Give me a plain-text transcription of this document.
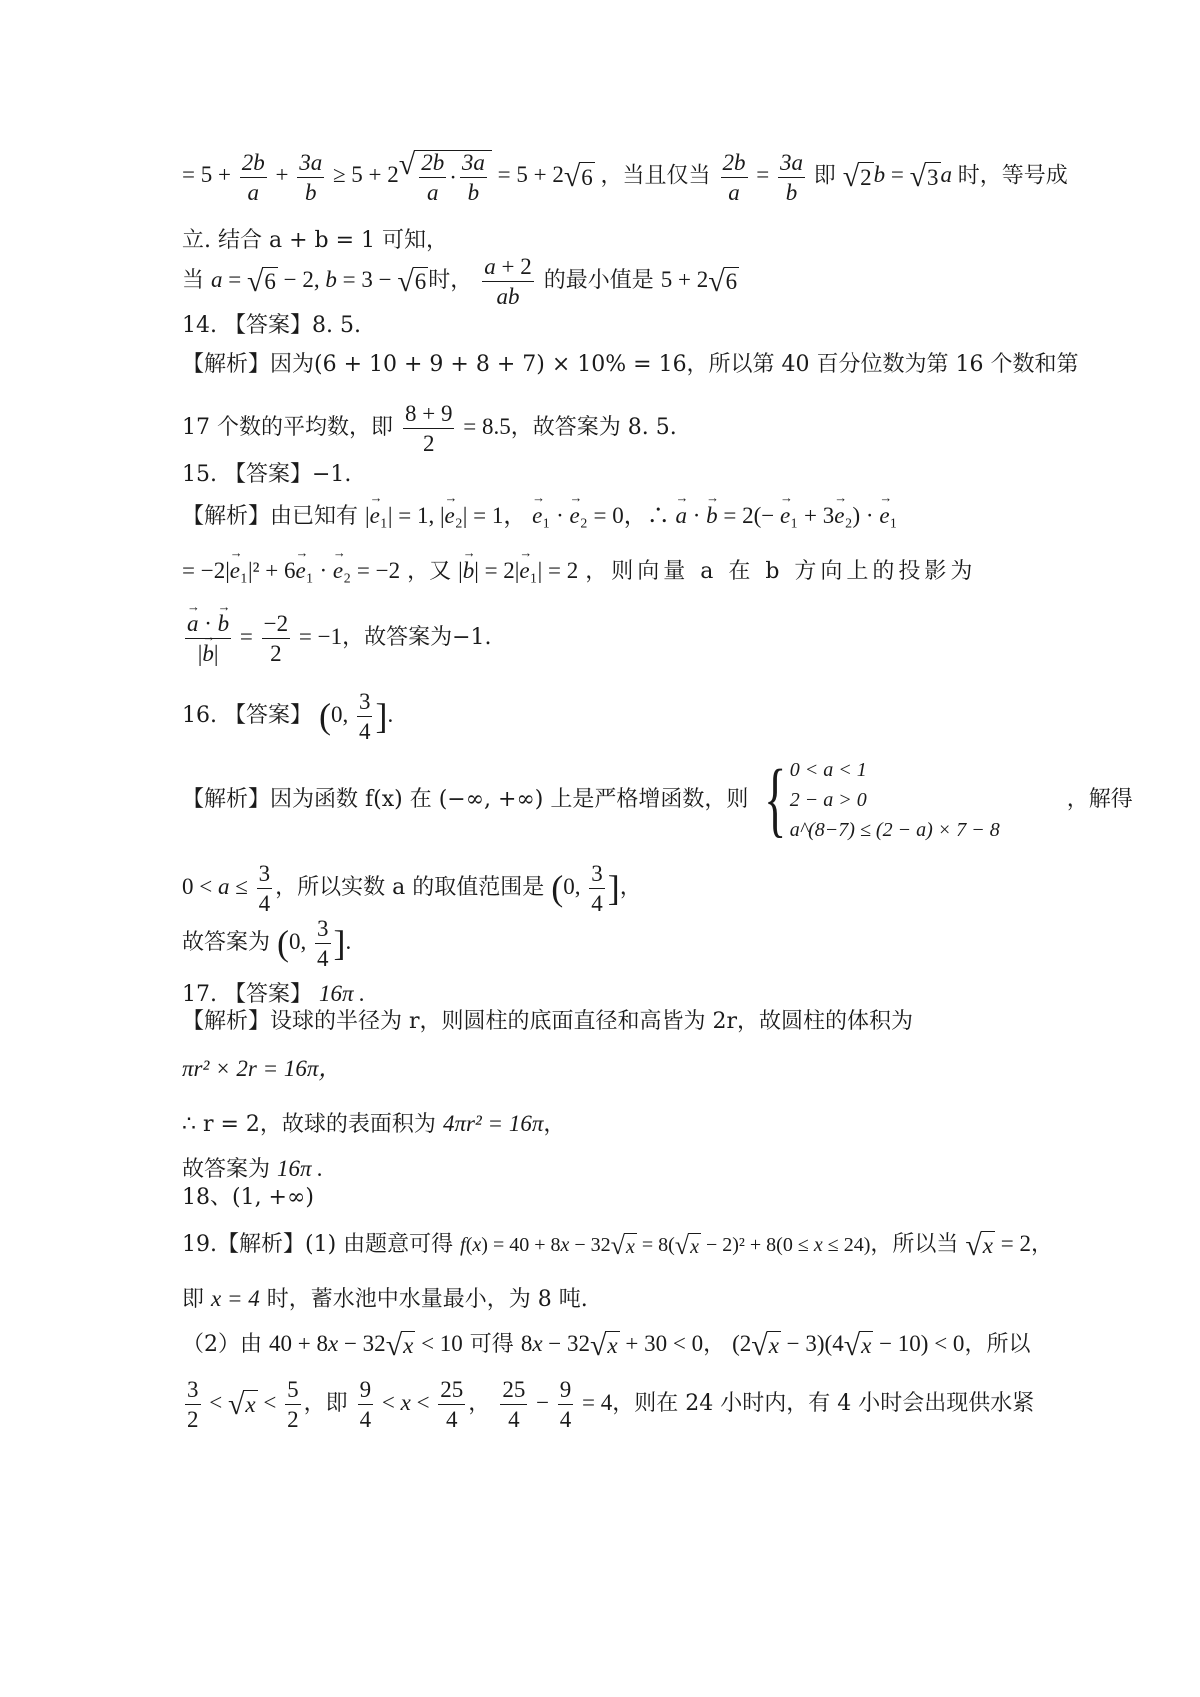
= $5 + \frac{2b}{a} + \frac{3a}{b} \ge 5 + 2$ √ $\frac{2b}{a} \cdot \frac{3a}{b} = 5 + 2$ √ 6 ，当且仅当 $\frac{2b}{a} = \frac{3a}{b}$ 即 √ 2 b = √ 3 a 时，等号成
立. 结合 a + b = 1 可知，
当 a = √ 6 − 2, b = 3 − √ 6 时， $\frac{a + 2}{ab}$ 的最小值是 5 + 2 √ 6
14. 【答案】8. 5.
【解析】因为(6 + 10 + 9 + 8 + 7) × 10% = 16，所以第 40 百分位数为第 16 个数和第
17 个数的平均数，即 $\frac{8 + 9}{2} = 8.5$，故答案为 8. 5.
15. 【答案】−1.
【解析】由已知有 |→ e₁| = 1, |→ e₂| = 1， → e₁ · → e₂ = 0，∴ → a · → b = 2(− → e₁ + 3→ e₂) · → e₁
= −2|→ e₁|² + 6→ e₁ · → e₂ = −2 ，又 |→ b| = 2|→ e₁| = 2 ，则向量 a 在 b 方向上的投影为
→ $\frac{a \cdot \to b}{|\to b|} = \frac{-2}{2} = -1$，故答案为−1.
16. 【答案】 (0, $\frac{3}{4}$ ].
【解析】因为函数 f(x) 在 (−∞, +∞) 上是严格增函数，则 { 0 < a < 1
2 − a > 0
a^(8−7) ≤ (2 − a) × 7 − 8
，解得
$0 < a \le \frac{3}{4}$ ，所以实数 a 的取值范围是 (0, $\frac{3}{4}$ ]，
故答案为 (0, $\frac{3}{4}$ ].
17. 【答案】 16π .
【解析】设球的半径为 r，则圆柱的底面直径和高皆为 2r，故圆柱的体积为
πr² × 2r = 16π，
∴ r = 2，故球的表面积为 4πr² = 16π，
故答案为 16π .
18、(1, +∞)
19.【解析】(1) 由题意可得 f(x) = 40 + 8x − 32 √ x = 8( √ x − 2)² + 8(0 ≤ x ≤ 24)，所以当 √ x = 2，
即 x = 4 时，蓄水池中水量最小，为 8 吨.
（2）由 40 + 8x − 32 √ x < 10 可得 8x − 32 √ x + 30 < 0， (2 √ x − 3)(4 √ x − 10) < 0，所以
$\frac{3}{2}$ < √ $x < \frac{5}{2}$ ，即 $\frac{9}{4} < x < \frac{25}{4}$ ， $\frac{25}{4} - \frac{9}{4} = 4$，则在 24 小时内，有 4 小时会出现供水紧
